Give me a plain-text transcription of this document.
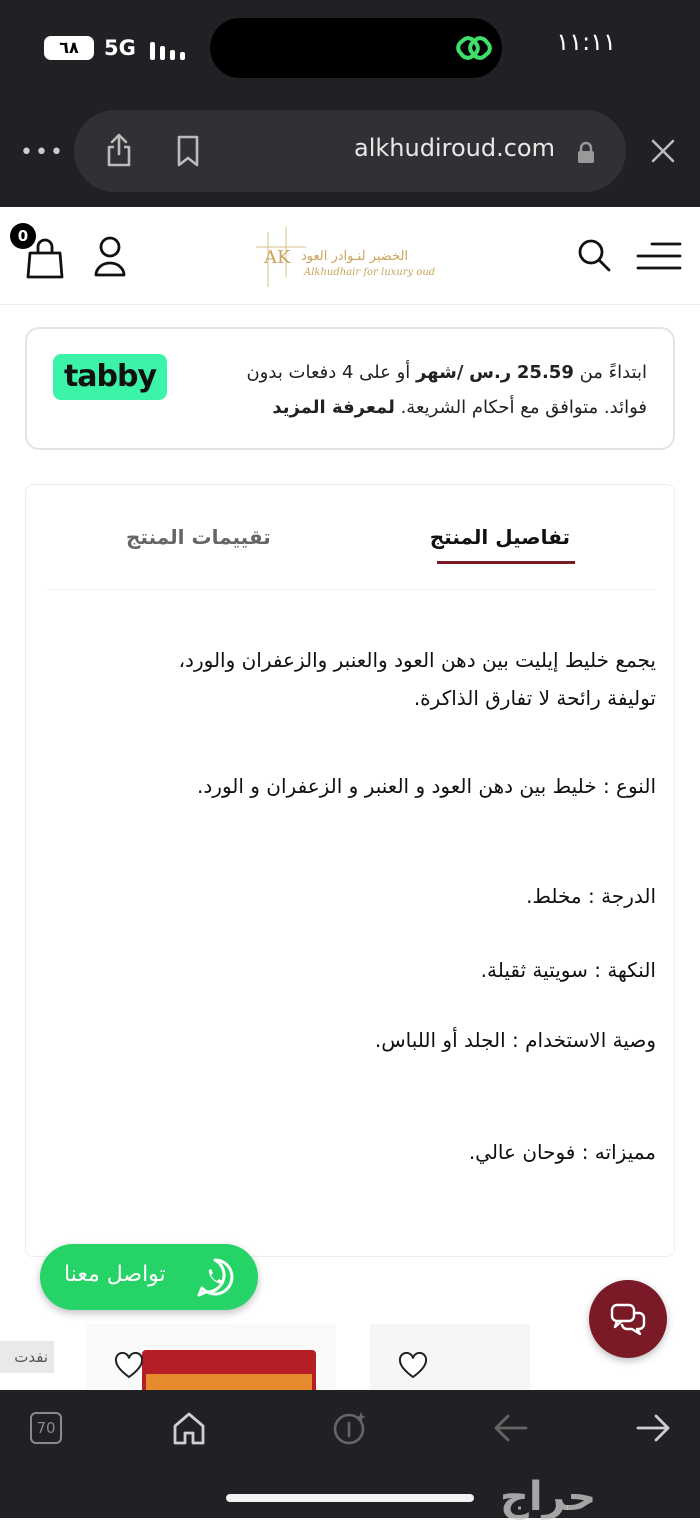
٦٨	5G	١١:١١
•••	alkhudiroud.com
0
AK الخضير لنـوادر العود
Alkhudhair for luxury oud
tabby	ابتداءً من 25.59 ر.س /شهر أو على 4 دفعات بدون
فوائد. متوافق مع أحكام الشريعة. لمعرفة المزيد
تفاصيل المنتج
تقييمات المنتج
يجمع خليط إيليت بين دهن العود والعنبر والزعفران والورد،
توليفة رائحة لا تفارق الذاكرة.
النوع : خليط بين دهن العود و العنبر و الزعفران و الورد.
الدرجة : مخلط.
النكهة : سويتية ثقيلة.
وصية الاستخدام : الجلد أو اللباس.
مميزاته : فوحان عالي.
نفدت
تواصل معنا
70
حراج
